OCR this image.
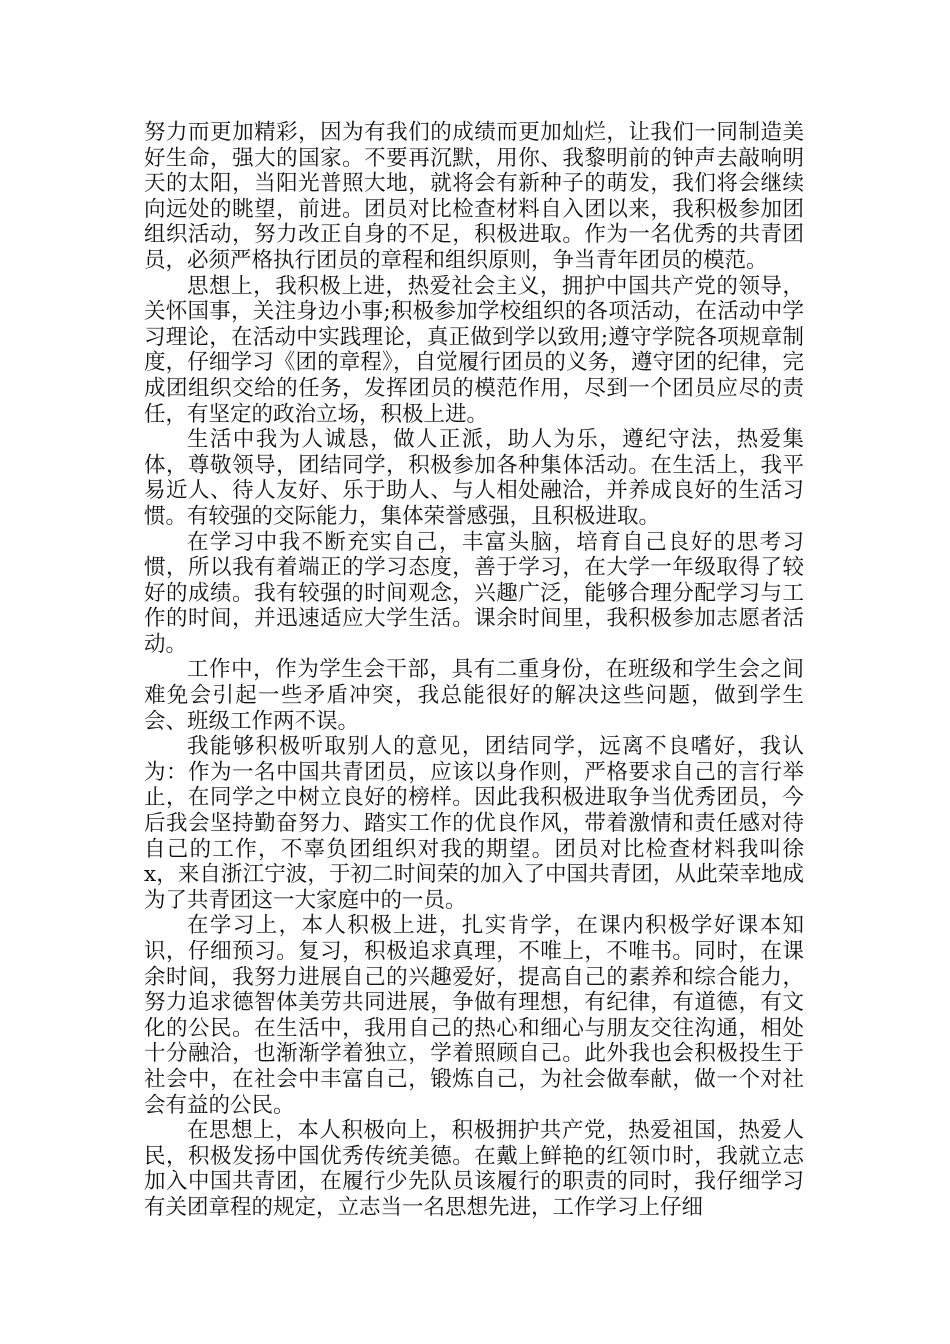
努力而更加精彩，因为有我们的成绩而更加灿烂，让我们一同制造美好生命，强大的国家。不要再沉默，用你、我黎明前的钟声去敲响明天的太阳，当阳光普照大地，就将会有新种子的萌发，我们将会继续向远处的眺望，前进。团员对比检查材料自入团以来，我积极参加团组织活动，努力改正自身的不足，积极进取。作为一名优秀的共青团员，必须严格执行团员的章程和组织原则，争当青年团员的模范。

思想上，我积极上进，热爱社会主义，拥护中国共产党的领导，关怀国事，关注身边小事;积极参加学校组织的各项活动，在活动中学习理论，在活动中实践理论，真正做到学以致用;遵守学院各项规章制度，仔细学习《团的章程》，自觉履行团员的义务，遵守团的纪律，完成团组织交给的任务，发挥团员的模范作用，尽到一个团员应尽的责任，有坚定的政治立场，积极上进。

生活中我为人诚恳，做人正派，助人为乐，遵纪守法，热爱集体，尊敬领导，团结同学，积极参加各种集体活动。在生活上，我平易近人、待人友好、乐于助人、与人相处融洽，并养成良好的生活习惯。有较强的交际能力，集体荣誉感强，且积极进取。

在学习中我不断充实自己，丰富头脑，培育自己良好的思考习惯，所以我有着端正的学习态度，善于学习，在大学一年级取得了较好的成绩。我有较强的时间观念，兴趣广泛，能够合理分配学习与工作的时间，并迅速适应大学生活。课余时间里，我积极参加志愿者活动。

工作中，作为学生会干部，具有二重身份，在班级和学生会之间难免会引起一些矛盾冲突，我总能很好的解决这些问题，做到学生会、班级工作两不误。

我能够积极听取别人的意见，团结同学，远离不良嗜好，我认为：作为一名中国共青团员，应该以身作则，严格要求自己的言行举止，在同学之中树立良好的榜样。因此我积极进取争当优秀团员，今后我会坚持勤奋努力、踏实工作的优良作风，带着激情和责任感对待自己的工作，不辜负团组织对我的期望。团员对比检查材料我叫徐 x，来自浙江宁波，于初二时间荣的加入了中国共青团，从此荣幸地成为了共青团这一大家庭中的一员。

在学习上，本人积极上进，扎实肯学，在课内积极学好课本知识，仔细预习。复习，积极追求真理，不唯上，不唯书。同时，在课余时间，我努力进展自己的兴趣爱好，提高自己的素养和综合能力，努力追求德智体美劳共同进展，争做有理想，有纪律，有道德，有文化的公民。在生活中，我用自己的热心和细心与朋友交往沟通，相处十分融洽，也渐渐学着独立，学着照顾自己。此外我也会积极投生于社会中，在社会中丰富自己，锻炼自己，为社会做奉献，做一个对社会有益的公民。

在思想上，本人积极向上，积极拥护共产党，热爱祖国，热爱人民，积极发扬中国优秀传统美德。在戴上鲜艳的红领巾时，我就立志加入中国共青团，在履行少先队员该履行的职责的同时，我仔细学习有关团章程的规定，立志当一名思想先进，工作学习上仔细
